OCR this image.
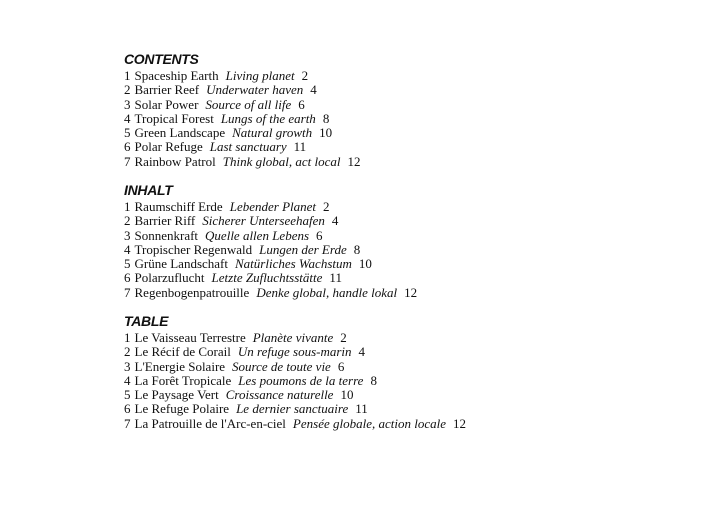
CONTENTS
1 Spaceship Earth Living planet 2
2 Barrier Reef Underwater haven 4
3 Solar Power Source of all life 6
4 Tropical Forest Lungs of the earth 8
5 Green Landscape Natural growth 10
6 Polar Refuge Last sanctuary 11
7 Rainbow Patrol Think global, act local 12
INHALT
1 Raumschiff Erde Lebender Planet 2
2 Barrier Riff Sicherer Unterseehafen 4
3 Sonnenkraft Quelle allen Lebens 6
4 Tropischer Regenwald Lungen der Erde 8
5 Grüne Landschaft Natürliches Wachstum 10
6 Polarzuflucht Letzte Zufluchtsstätte 11
7 Regenbogenpatrouille Denke global, handle lokal 12
TABLE
1 Le Vaisseau Terrestre Planète vivante 2
2 Le Récif de Corail Un refuge sous-marin 4
3 L'Energie Solaire Source de toute vie 6
4 La Forêt Tropicale Les poumons de la terre 8
5 Le Paysage Vert Croissance naturelle 10
6 Le Refuge Polaire Le dernier sanctuaire 11
7 La Patrouille de l'Arc-en-ciel Pensée globale, action locale 12
